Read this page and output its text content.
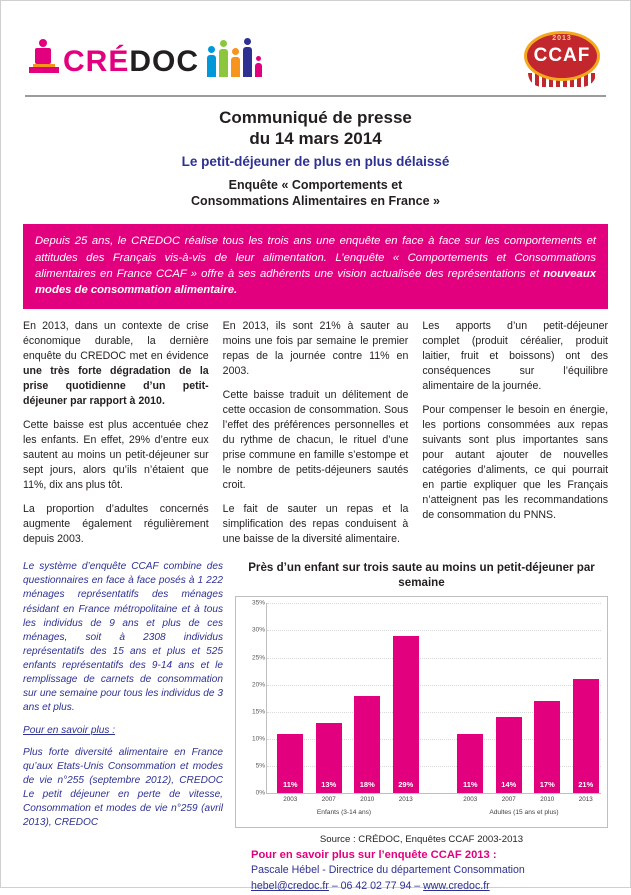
CRÉDOC
2013
CCAF
Communiqué de presse
du 14 mars 2014
Le petit-déjeuner de plus en plus délaissé
Enquête « Comportements et
Consommations Alimentaires en France »
Depuis 25 ans, le CREDOC réalise tous les trois ans une enquête en face à face sur les comportements et attitudes des Français vis-à-vis de leur alimentation. L’enquête « Comportements et Consommations alimentaires en France CCAF » offre à ses adhérents une vision actualisée des représentations et nouveaux modes de consommation alimentaire.

En 2013, dans un contexte de crise économique durable, la dernière enquête du CREDOC met en évidence une très forte dégradation de la prise quotidienne d’un petit-déjeuner par rapport à 2010.

Cette baisse est plus accentuée chez les enfants. En effet, 29% d’entre eux sautent au moins un petit-déjeuner sur sept jours, alors qu’ils n’étaient que 11%, dix ans plus tôt.

La proportion d’adultes concernés augmente également régulièrement depuis 2003.

En 2013, ils sont 21% à sauter au moins une fois par semaine le premier repas de la journée contre 11% en 2003.

Cette baisse traduit un délitement de cette occasion de consommation. Sous l’effet des préférences personnelles et du rythme de chacun, le rituel d’une prise commune en famille s’estompe et le nombre de petits-déjeuners sautés croit.

Le fait de sauter un repas et la simplification des repas conduisent à une baisse de la diversité alimentaire.

Les apports d’un petit-déjeuner complet (produit céréalier, produit laitier, fruit et boissons) ont des conséquences sur l’équilibre alimentaire de la journée.

Pour compenser le besoin en énergie, les portions consommées aux repas suivants sont plus importantes sans pour autant ajouter de nouvelles catégories d’aliments, ce qui pourrait en partie expliquer que les Français n’atteignent pas les recommandations de consommation du PNNS.

Le système d’enquête CCAF combine des questionnaires en face à face posés à 1 222 ménages représentatifs des ménages résidant en France métropolitaine et à tous les individus de 9 ans et plus de ces ménages, soit à 2308 individus représentatifs des 15 ans et plus et 525 enfants représentatifs des 9-14 ans et le remplissage de carnets de consommation sur une semaine pour tous les individus de 3 ans et plus.

Pour en savoir plus :

Plus forte diversité alimentaire en France qu’aux Etats-Unis Consommation et modes de vie n°255 (septembre 2012), CREDOC Le petit déjeuner en perte de vitesse, Consommation et modes de vie n°259 (avril 2013), CREDOC

Près d’un enfant sur trois saute au moins un petit-déjeuner par semaine
0%
5%
10%
15%
20%
25%
30%
35%
11%
2003
13%
2007
18%
2010
29%
2013
11%
2003
14%
2007
17%
2010
21%
2013
Enfants (3-14 ans)	Adultes (15 ans et plus)
Source : CRÉDOC, Enquêtes CCAF 2003-2013
Pour en savoir plus sur l’enquête CCAF 2013 :
Pascale Hébel - Directrice du département Consommation
hebel@credoc.fr – 06 42 02 77 94 – www.credoc.fr
